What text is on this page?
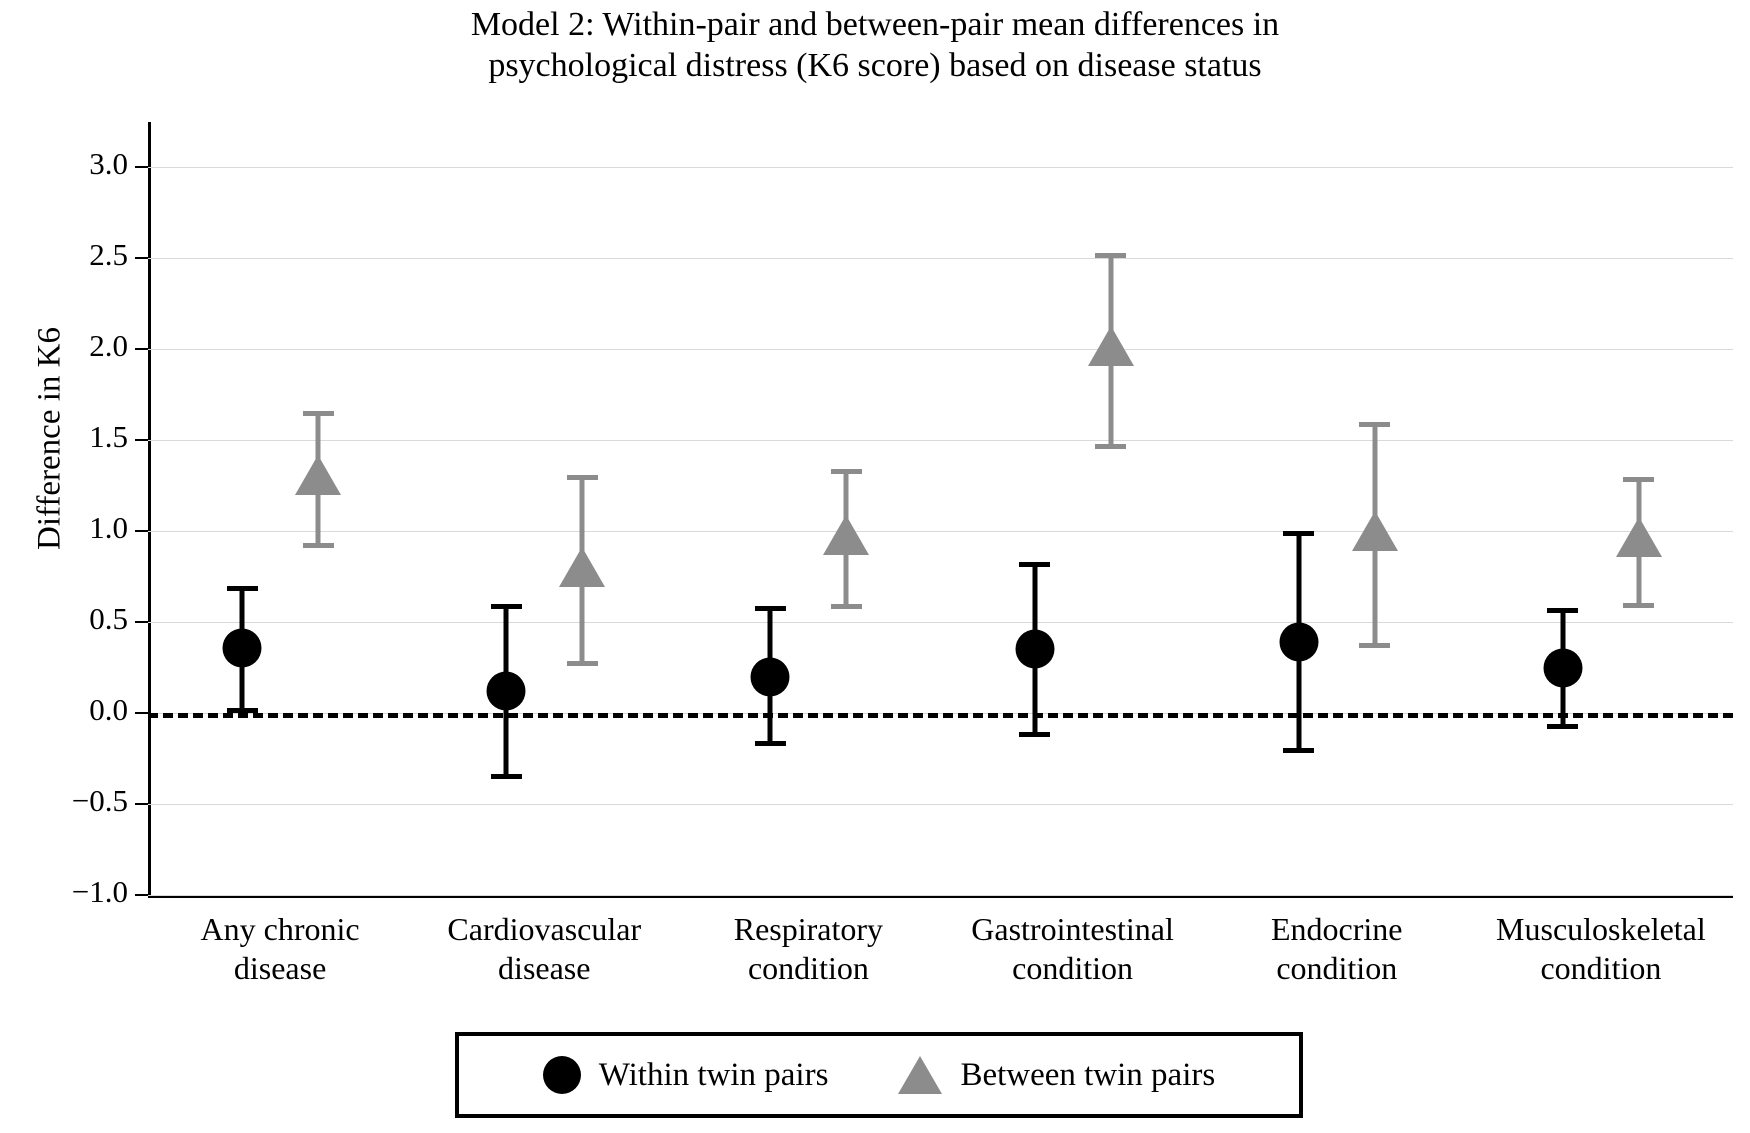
Model 2: Within-pair and between-pair mean differences in
psychological distress (K6 score) based on disease status
Difference in K6
−1.0
−0.5
0.0
0.5
1.0
1.5
2.0
2.5
3.0
Any chronic
disease
Cardiovascular
disease
Respiratory
condition
Gastrointestinal
condition
Endocrine
condition
Musculoskeletal
condition
Within twin pairs	Between twin pairs
